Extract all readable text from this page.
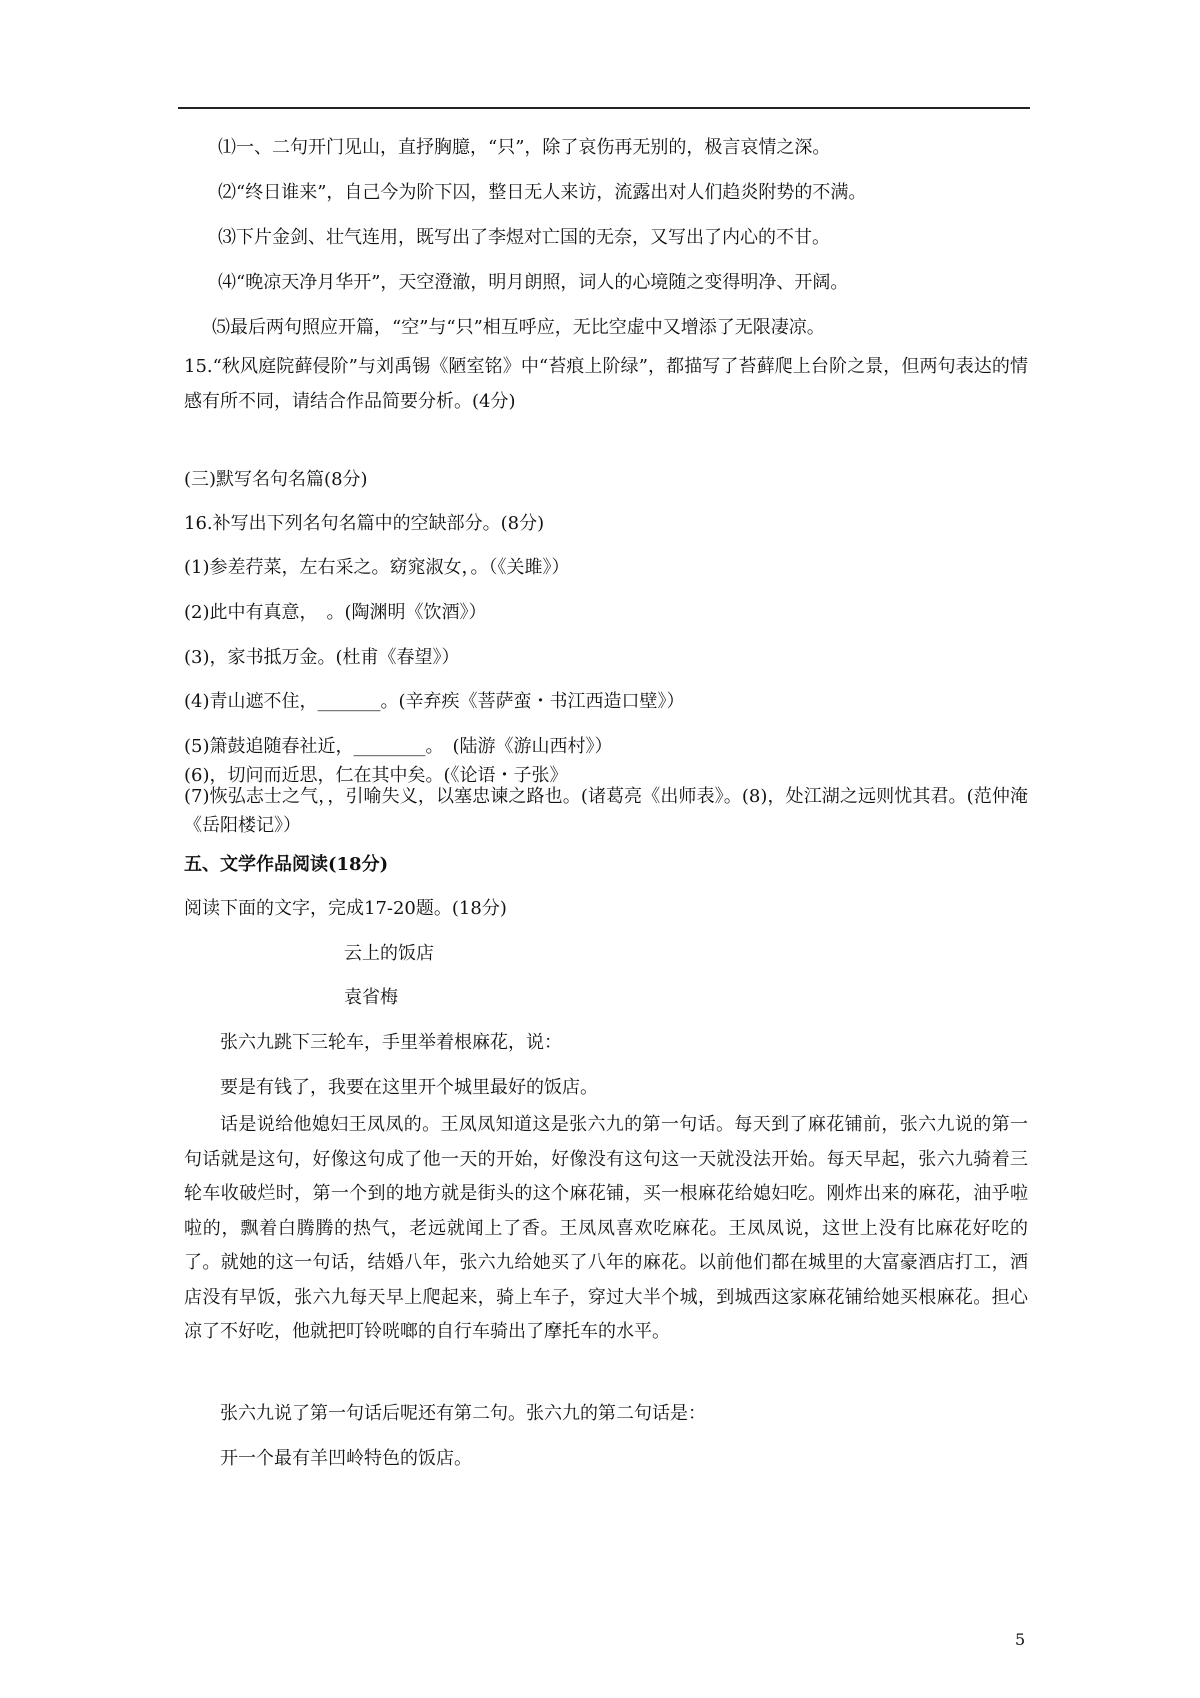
⑴一、二句开门见山，直抒胸臆，“只”，除了哀伤再无别的，极言哀情之深。
⑵“终日谁来”，自己今为阶下囚，整日无人来访，流露出对人们趋炎附势的不满。
⑶下片金剑、壮气连用，既写出了李煜对亡国的无奈，又写出了内心的不甘。
⑷“晚凉天净月华开”，天空澄澈，明月朗照，词人的心境随之变得明净、开阔。
⑸最后两句照应开篇，“空”与“只”相互呼应，无比空虚中又增添了无限凄凉。
15.“秋风庭院藓侵阶”与刘禹锡《陋室铭》中“苔痕上阶绿”，都描写了苔藓爬上台阶之景，但两句表达的情感有所不同，请结合作品简要分析。(4分)
(三)默写名句名篇(8分)
16.补写出下列名句名篇中的空缺部分。(8分)
(1)参差荇菜，左右采之。窈窕淑女，。（《关雎》）
(2)此中有真意，　。(陶渊明《饮酒》）
(3)，家书抵万金。(杜甫《春望》）
(4)青山遮不住，_______。(辛弃疾《菩萨蛮・书江西造口壁》）
(5)箫鼓追随春社近，________。　(陆游《游山西村》）
(6)，切问而近思，仁在其中矣。(《论语・子张》
(7)恢弘志士之气，，引喻失义，以塞忠谏之路也。(诸葛亮《出师表》。(8)，处江湖之远则忧其君。(范仲淹《岳阳楼记》）
五、文学作品阅读(18分)
阅读下面的文字，完成17-20题。(18分)
云上的饭店
袁省梅
张六九跳下三轮车，手里举着根麻花，说：
要是有钱了，我要在这里开个城里最好的饭店。
话是说给他媳妇王凤凤的。王凤凤知道这是张六九的第一句话。每天到了麻花铺前，张六九说的第一句话就是这句，好像这句成了他一天的开始，好像没有这句这一天就没法开始。每天早起，张六九骑着三轮车收破烂时，第一个到的地方就是街头的这个麻花铺，买一根麻花给媳妇吃。刚炸出来的麻花，油乎啦啦的，飘着白腾腾的热气，老远就闻上了香。王凤凤喜欢吃麻花。王凤凤说，这世上没有比麻花好吃的了。就她的这一句话，结婚八年，张六九给她买了八年的麻花。以前他们都在城里的大富豪酒店打工，酒店没有早饭，张六九每天早上爬起来，骑上车子，穿过大半个城，到城西这家麻花铺给她买根麻花。担心凉了不好吃，他就把叮铃咣啷的自行车骑出了摩托车的水平。
张六九说了第一句话后呢还有第二句。张六九的第二句话是：
开一个最有羊凹岭特色的饭店。
5
